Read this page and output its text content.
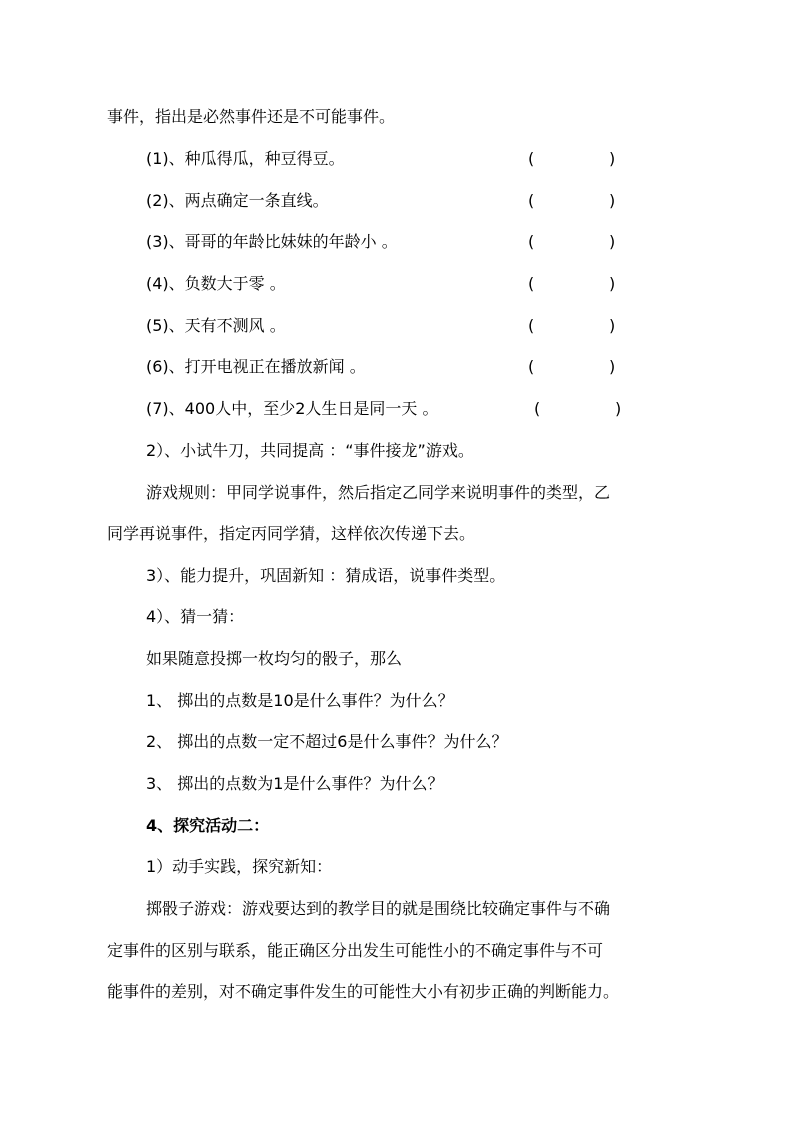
事件，指出是必然事件还是不可能事件。
(1)、种瓜得瓜，种豆得豆。	(	)
(2)、两点确定一条直线。	(	)
(3)、哥哥的年龄比妹妹的年龄小 。	(	)
(4)、负数大于零 。	(	)
(5)、天有不测风 。	(	)
(6)、打开电视正在播放新闻 。	(	)
(7)、400人中，至少2人生日是同一天 。	(	)
2）、小试牛刀，共同提高 ：“事件接龙”游戏。
游戏规则：甲同学说事件，然后指定乙同学来说明事件的类型，乙
同学再说事件，指定丙同学猜，这样依次传递下去。
3）、能力提升，巩固新知 ：猜成语，说事件类型。
4）、猜一猜：
如果随意投掷一枚均匀的骰子，那么
1、 掷出的点数是10是什么事件？为什么？
2、 掷出的点数一定不超过6是什么事件？为什么？
3、 掷出的点数为1是什么事件？为什么？
4、探究活动二：
1）动手实践，探究新知：
掷骰子游戏：游戏要达到的教学目的就是围绕比较确定事件与不确
定事件的区别与联系，能正确区分出发生可能性小的不确定事件与不可
能事件的差别，对不确定事件发生的可能性大小有初步正确的判断能力。
